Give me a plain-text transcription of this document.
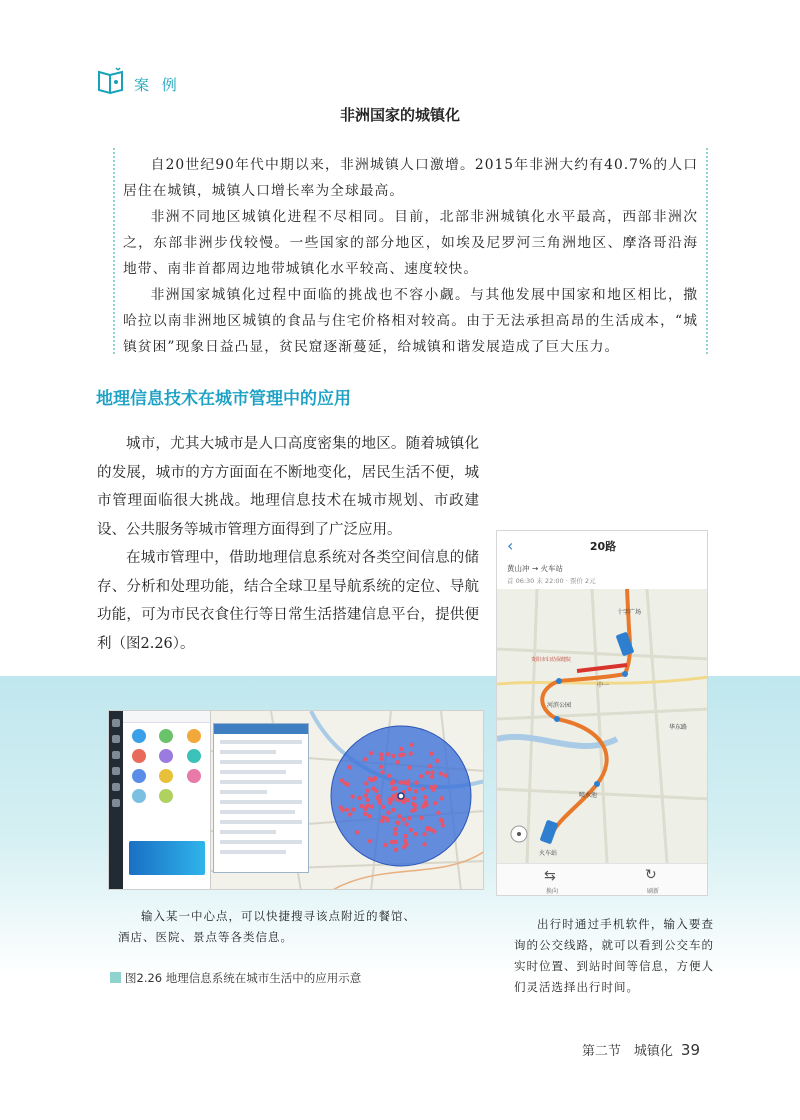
案 例
非洲国家的城镇化

自20世纪90年代中期以来，非洲城镇人口激增。2015年非洲大约有40.7%的人口居住在城镇，城镇人口增长率为全球最高。

非洲不同地区城镇化进程不尽相同。目前，北部非洲城镇化水平最高，西部非洲次之，东部非洲步伐较慢。一些国家的部分地区，如埃及尼罗河三角洲地区、摩洛哥沿海地带、南非首都周边地带城镇化水平较高、速度较快。

非洲国家城镇化过程中面临的挑战也不容小觑。与其他发展中国家和地区相比，撒哈拉以南非洲地区城镇的食品与住宅价格相对较高。由于无法承担高昂的生活成本，“城镇贫困”现象日益凸显，贫民窟逐渐蔓延，给城镇和谐发展造成了巨大压力。

地理信息技术在城市管理中的应用

城市，尤其大城市是人口高度密集的地区。随着城镇化的发展，城市的方方面面在不断地变化，居民生活不便，城市管理面临很大挑战。地理信息技术在城市规划、市政建设、公共服务等城市管理方面得到了广泛应用。

在城市管理中，借助地理信息系统对各类空间信息的储存、分析和处理功能，结合全球卫星导航系统的定位、导航功能，可为市民衣食住行等日常生活搭建信息平台，提供便利（图2.26）。

‹	20路
黄山冲 → 火车站
首 06:30 末 22:00 · 票价 2元
十字广场
贵阳市妇幼保健院
中一
河滨公园
喷水池
火车站
华东路
⇆
换向
↻
刷新
输入某一中心点，可以快捷搜寻该点附近的餐馆、酒店、医院、景点等各类信息。
出行时通过手机软件，输入要查询的公交线路，就可以看到公交车的实时位置、到站时间等信息，方便人们灵活选择出行时间。
图2.26 地理信息系统在城市生活中的应用示意
第二节　城镇化 39
